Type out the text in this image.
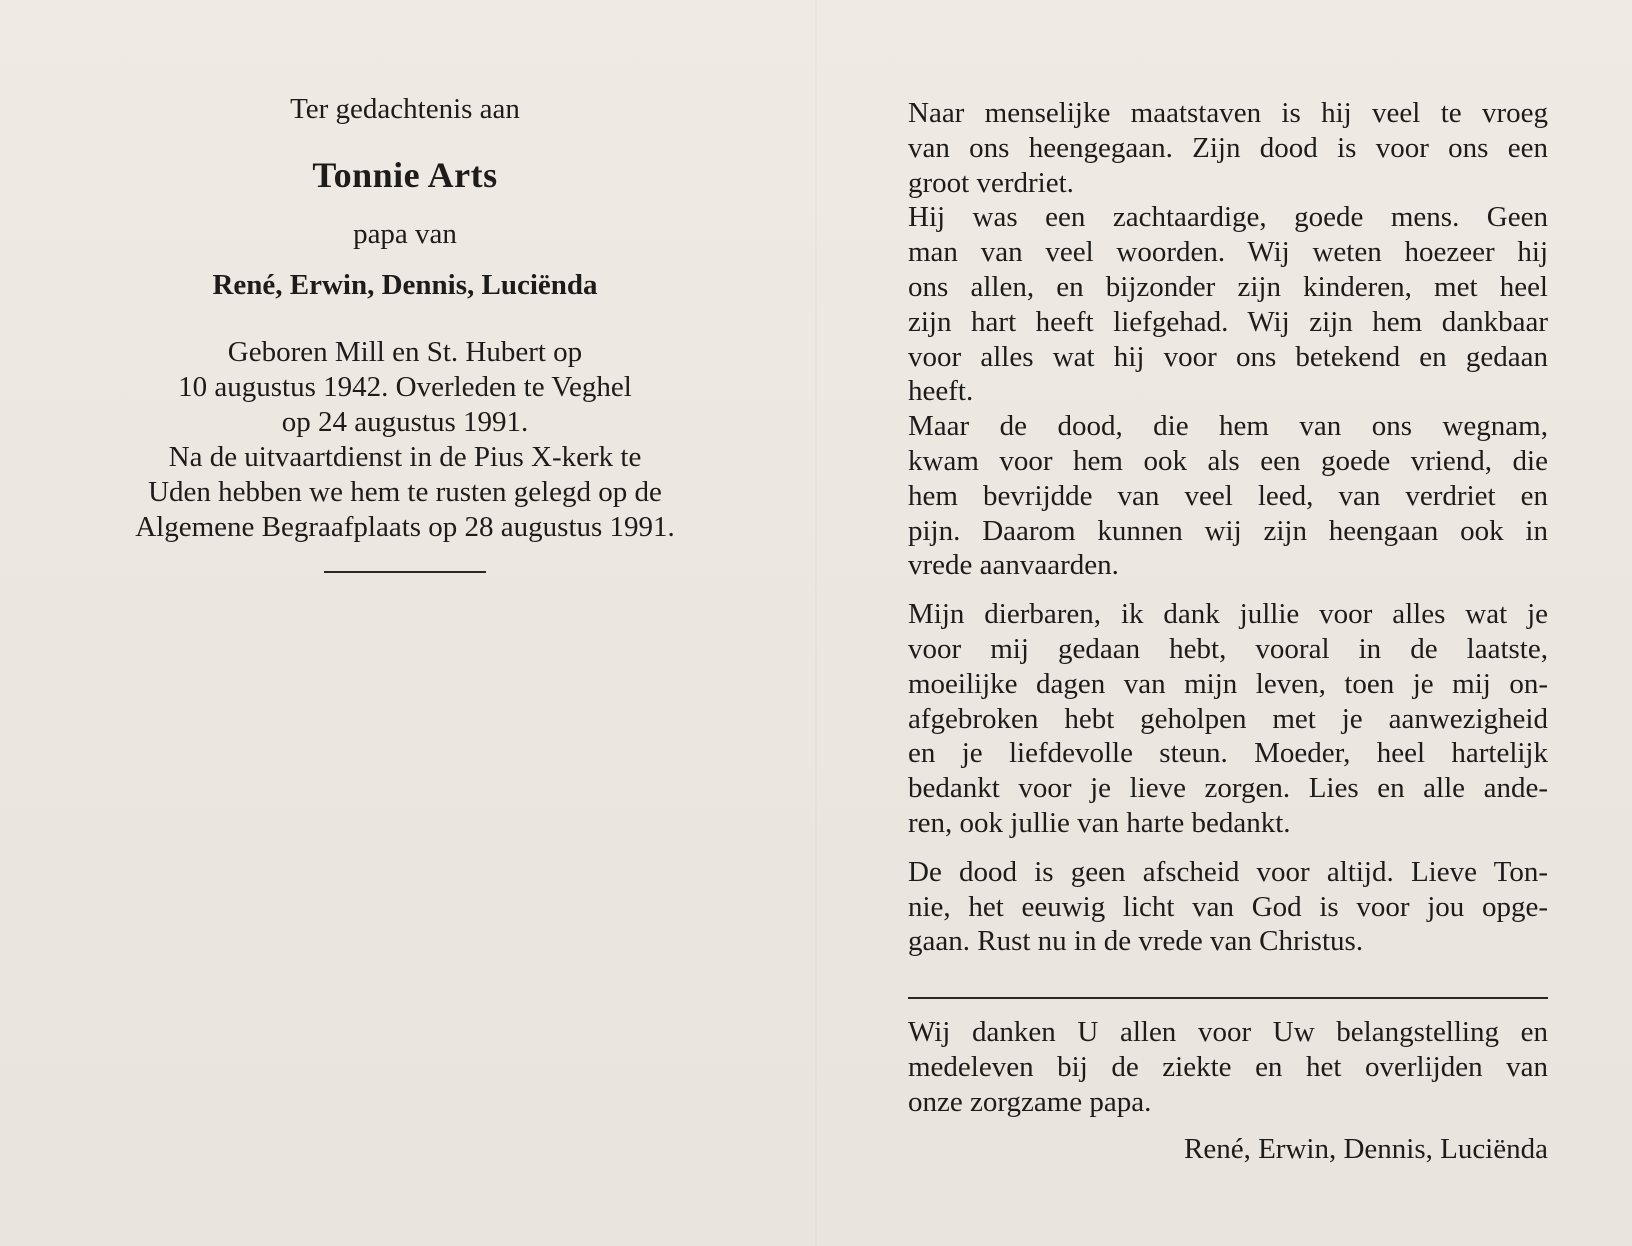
Ter gedachtenis aan

Tonnie Arts

papa van

René, Erwin, Dennis, Luciënda

Geboren Mill en St. Hubert op
10 augustus 1942. Overleden te Veghel
op 24 augustus 1991.
Na de uitvaartdienst in de Pius X-kerk te
Uden hebben we hem te rusten gelegd op de
Algemene Begraafplaats op 28 augustus 1991.

Naar menselijke maatstaven is hij veel te vroeg
van ons heengegaan. Zijn dood is voor ons een
groot verdriet.
Hij was een zachtaardige, goede mens. Geen
man van veel woorden. Wij weten hoezeer hij
ons allen, en bijzonder zijn kinderen, met heel
zijn hart heeft liefgehad. Wij zijn hem dankbaar
voor alles wat hij voor ons betekend en gedaan
heeft.
Maar de dood, die hem van ons wegnam,
kwam voor hem ook als een goede vriend, die
hem bevrijdde van veel leed, van verdriet en
pijn. Daarom kunnen wij zijn heengaan ook in
vrede aanvaarden.

Mijn dierbaren, ik dank jullie voor alles wat je
voor mij gedaan hebt, vooral in de laatste,
moeilijke dagen van mijn leven, toen je mij on-
afgebroken hebt geholpen met je aanwezigheid
en je liefdevolle steun. Moeder, heel hartelijk
bedankt voor je lieve zorgen. Lies en alle ande-
ren, ook jullie van harte bedankt.

De dood is geen afscheid voor altijd. Lieve Ton-
nie, het eeuwig licht van God is voor jou opge-
gaan. Rust nu in de vrede van Christus.

Wij danken U allen voor Uw belangstelling en
medeleven bij de ziekte en het overlijden van
onze zorgzame papa.

René, Erwin, Dennis, Luciënda
